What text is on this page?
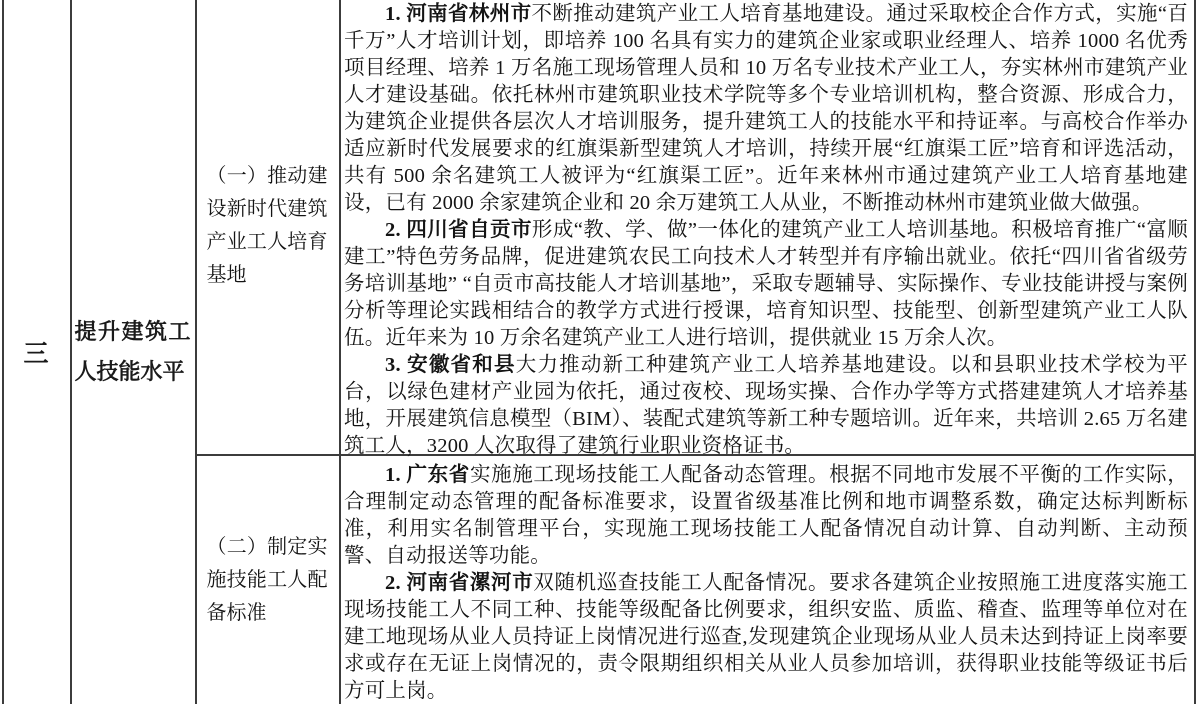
三
提升建筑工人技能水平
（一）推动建设新时代建筑产业工人培育基地
（二）制定实施技能工人配备标准

1. 河南省林州市不断推动建筑产业工人培育基地建设。通过采取校企合作方式，实施“百千万”人才培训计划，即培养 100 名具有实力的建筑企业家或职业经理人、培养 1000 名优秀项目经理、培养 1 万名施工现场管理人员和 10 万名专业技术产业工人，夯实林州市建筑产业人才建设基础。依托林州市建筑职业技术学院等多个专业培训机构，整合资源、形成合力，为建筑企业提供各层次人才培训服务，提升建筑工人的技能水平和持证率。与高校合作举办适应新时代发展要求的红旗渠新型建筑人才培训，持续开展“红旗渠工匠”培育和评选活动，共有 500 余名建筑工人被评为“红旗渠工匠”。近年来林州市通过建筑产业工人培育基地建设，已有 2000 余家建筑企业和 20 余万建筑工人从业，不断推动林州市建筑业做大做强。

2. 四川省自贡市形成“教、学、做”一体化的建筑产业工人培训基地。积极培育推广“富顺建工”特色劳务品牌，促进建筑农民工向技术人才转型并有序输出就业。依托“四川省省级劳务培训基地” “自贡市高技能人才培训基地”，采取专题辅导、实际操作、专业技能讲授与案例分析等理论实践相结合的教学方式进行授课，培育知识型、技能型、创新型建筑产业工人队伍。近年来为 10 万余名建筑产业工人进行培训，提供就业 15 万余人次。

3. 安徽省和县大力推动新工种建筑产业工人培养基地建设。以和县职业技术学校为平台，以绿色建材产业园为依托，通过夜校、现场实操、合作办学等方式搭建建筑人才培养基地，开展建筑信息模型（BIM）、装配式建筑等新工种专题培训。近年来，共培训 2.65 万名建筑工人，3200 人次取得了建筑行业职业资格证书。

1. 广东省实施施工现场技能工人配备动态管理。根据不同地市发展不平衡的工作实际，合理制定动态管理的配备标准要求，设置省级基准比例和地市调整系数，确定达标判断标准，利用实名制管理平台，实现施工现场技能工人配备情况自动计算、自动判断、主动预警、自动报送等功能。

2. 河南省漯河市双随机巡查技能工人配备情况。要求各建筑企业按照施工进度落实施工现场技能工人不同工种、技能等级配备比例要求，组织安监、质监、稽查、监理等单位对在建工地现场从业人员持证上岗情况进行巡查,发现建筑企业现场从业人员未达到持证上岗率要求或存在无证上岗情况的，责令限期组织相关从业人员参加培训，获得职业技能等级证书后方可上岗。
